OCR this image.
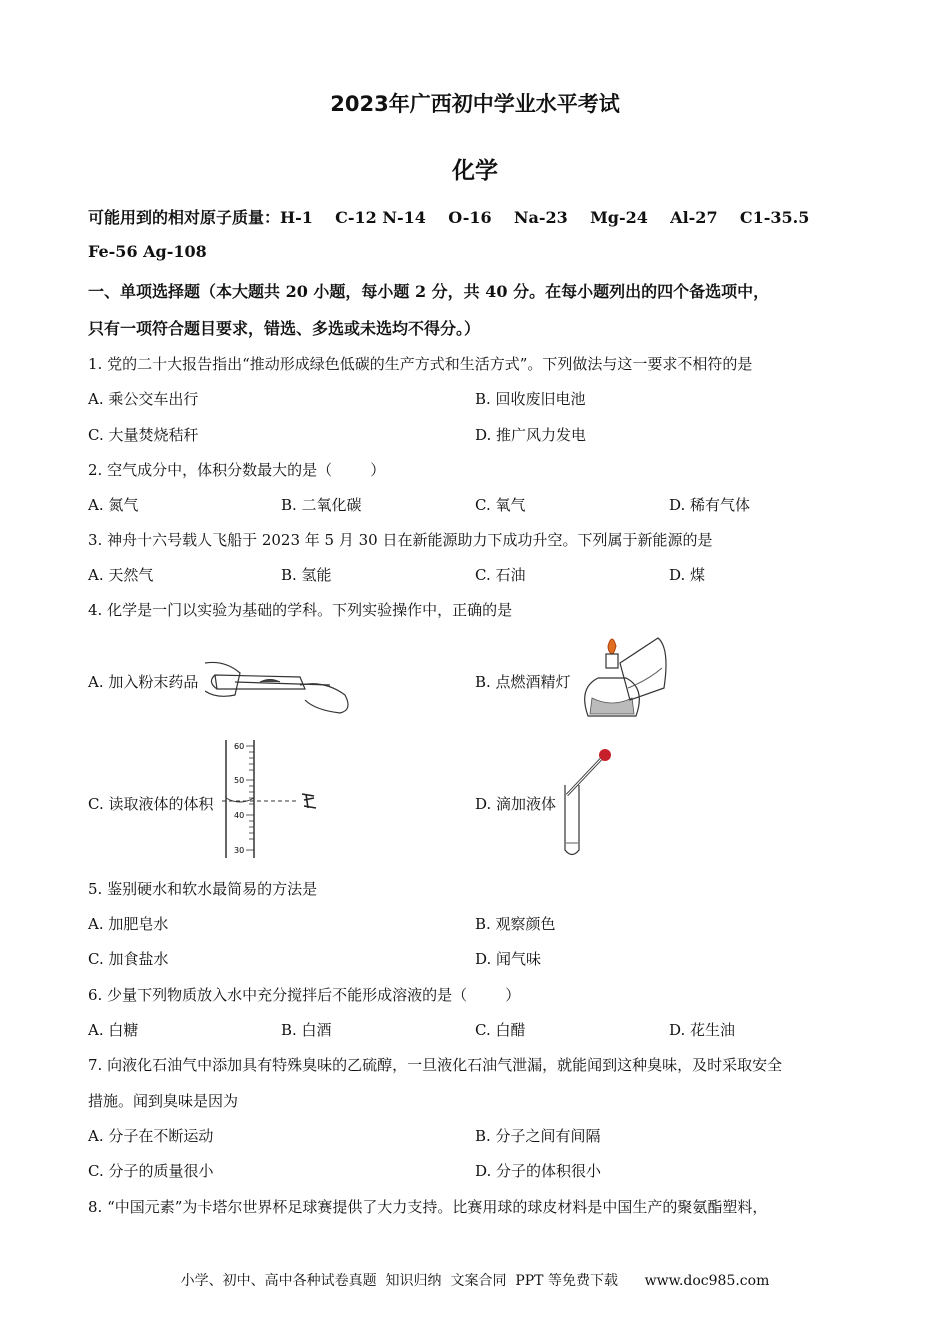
2023年广西初中学业水平考试
化学
可能用到的相对原子质量：H-1    C-12 N-14    O-16    Na-23    Mg-24    Al-27    C1-35.5
Fe-56 Ag-108
一、单项选择题（本大题共 20 小题，每小题 2 分，共 40 分。在每小题列出的四个备选项中，
只有一项符合题目要求，错选、多选或未选均不得分。）
1. 党的二十大报告指出“推动形成绿色低碳的生产方式和生活方式”。下列做法与这一要求不相符的是
A. 乘公交车出行	B. 回收废旧电池
C. 大量焚烧秸秆	D. 推广风力发电
2. 空气成分中，体积分数最大的是（        ）
A. 氮气	B. 二氧化碳	C. 氧气	D. 稀有气体
3. 神舟十六号载人飞船于 2023 年 5 月 30 日在新能源助力下成功升空。下列属于新能源的是
A. 天然气	B. 氢能	C. 石油	D. 煤
4. 化学是一门以实验为基础的学科。下列实验操作中，正确的是
A. 加入粉末药品	B. 点燃酒精灯
C. 读取液体的体积
60
50
40
30
D. 滴加液体
5. 鉴别硬水和软水最简易的方法是
A. 加肥皂水	B. 观察颜色
C. 加食盐水	D. 闻气味
6. 少量下列物质放入水中充分搅拌后不能形成溶液的是（        ）
A. 白糖	B. 白酒	C. 白醋	D. 花生油
7. 向液化石油气中添加具有特殊臭味的乙硫醇，一旦液化石油气泄漏，就能闻到这种臭味，及时采取安全
措施。闻到臭味是因为
A. 分子在不断运动	B. 分子之间有间隔
C. 分子的质量很小	D. 分子的体积很小
8. “中国元素”为卡塔尔世界杯足球赛提供了大力支持。比赛用球的球皮材料是中国生产的聚氨酯塑料，
小学、初中、高中各种试卷真题  知识归纳  文案合同  PPT 等免费下载      www.doc985.com
